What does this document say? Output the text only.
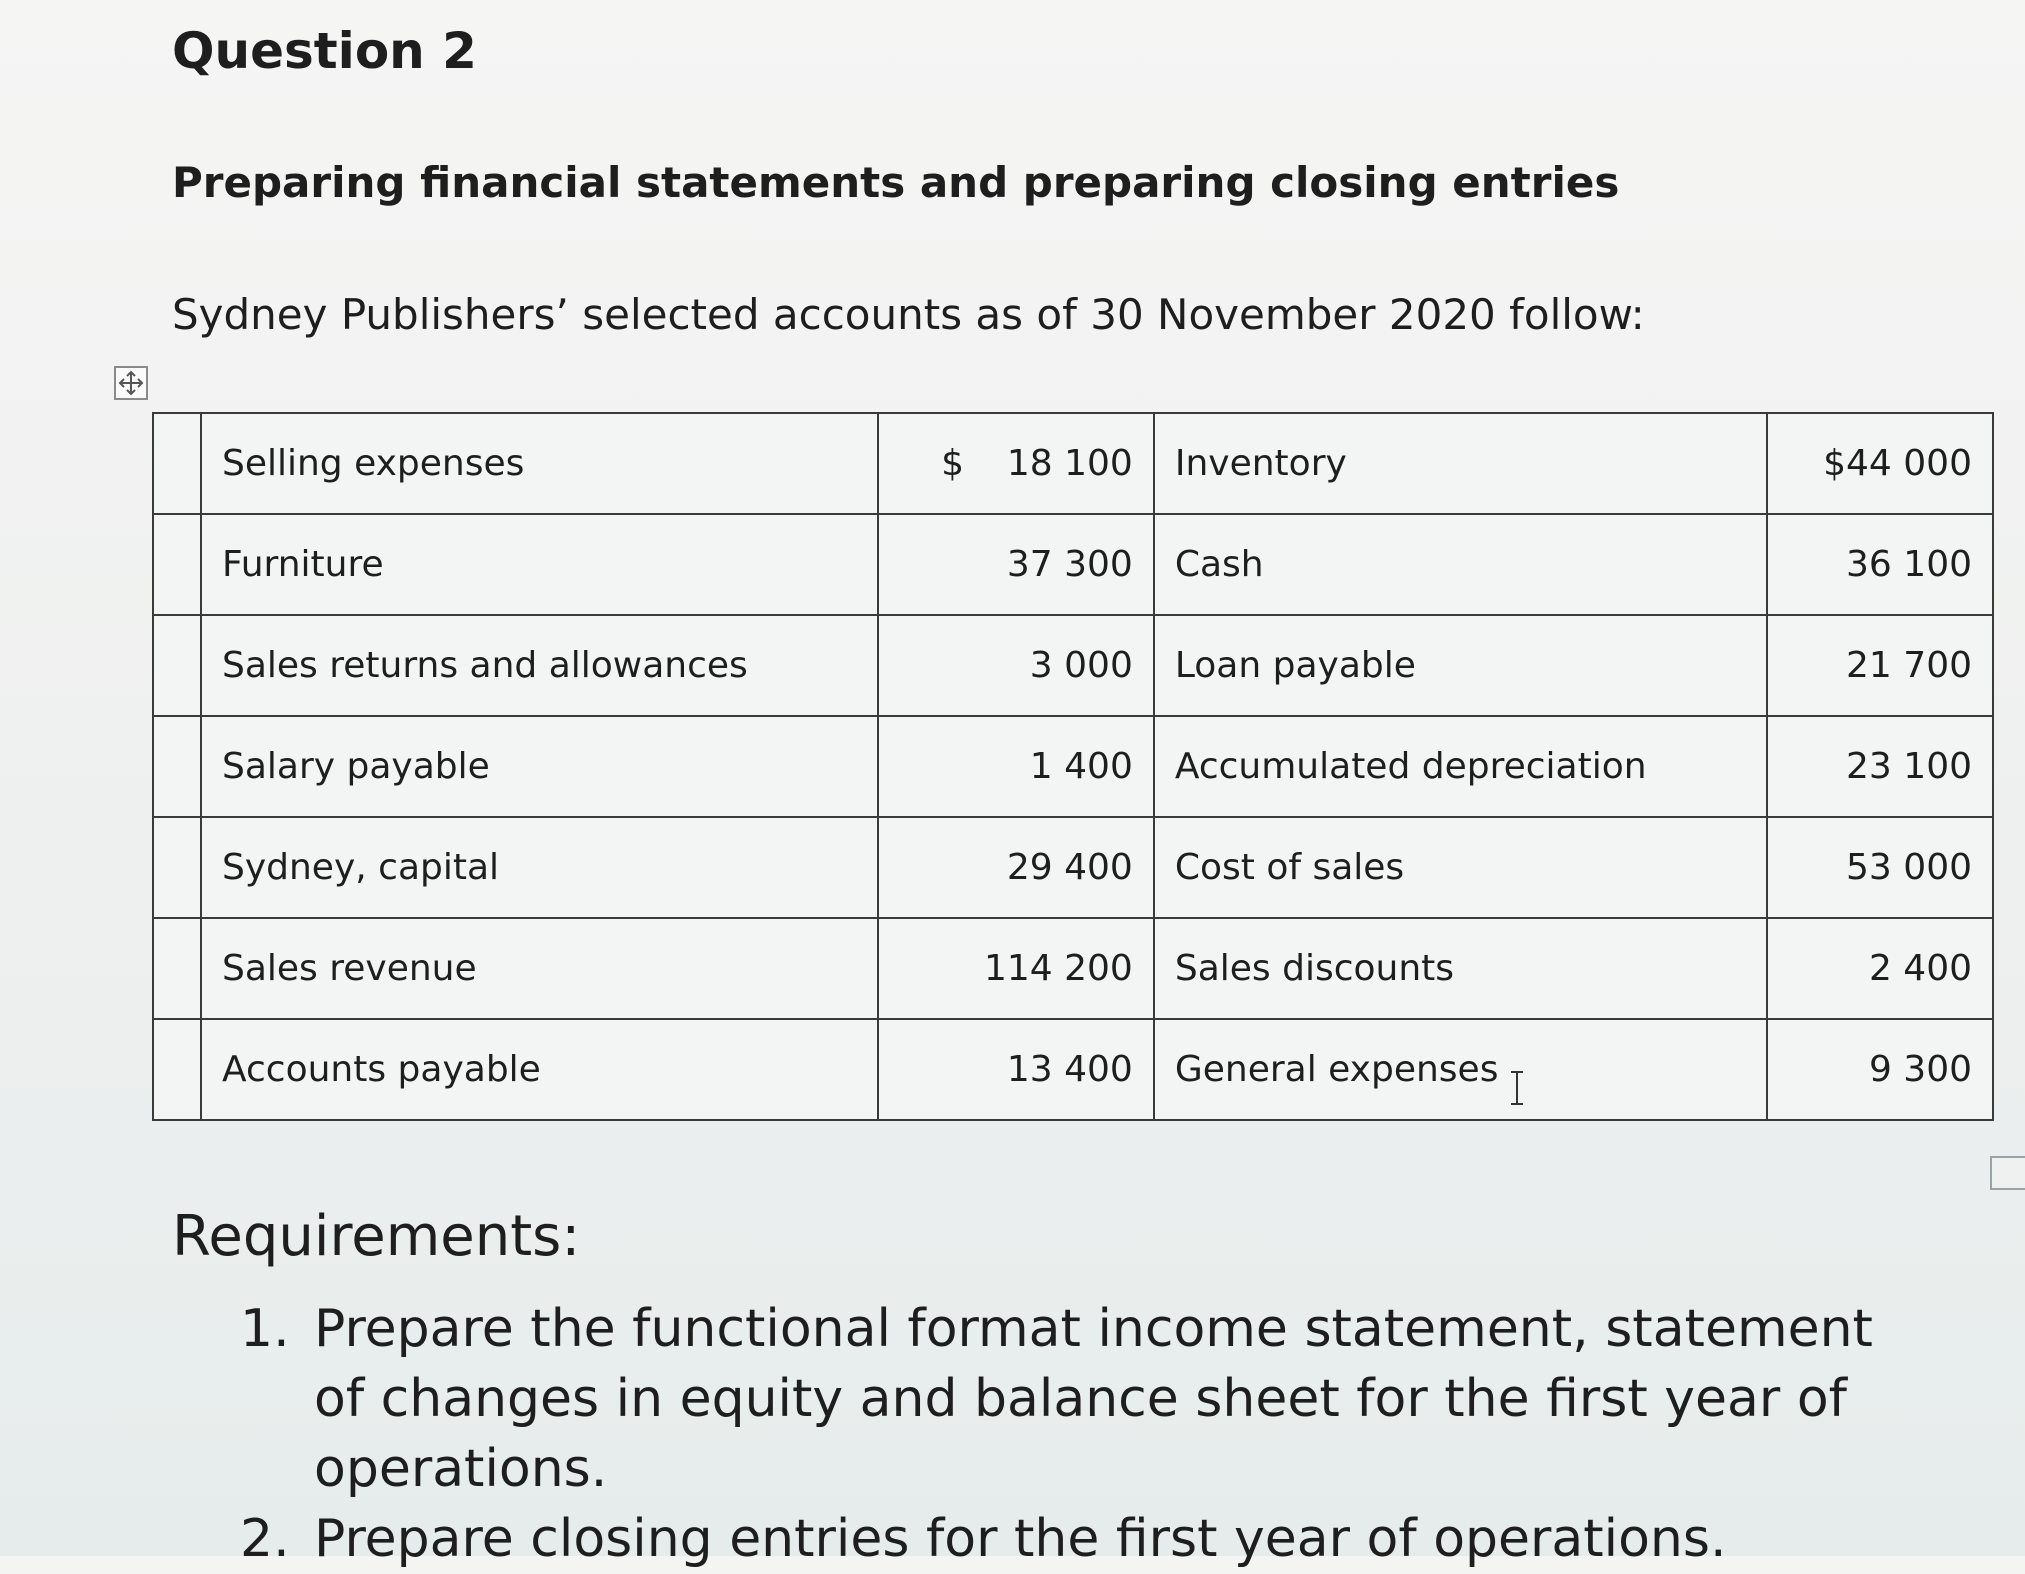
Question 2
Preparing financial statements and preparing closing entries

Sydney Publishers’ selected accounts as of 30 November 2020 follow:

	Selling expenses	$ 18 100	Inventory	$44 000
	Furniture	37 300	Cash	36 100
	Sales returns and allowances	3 000	Loan payable	21 700
	Salary payable	1 400	Accumulated depreciation	23 100
	Sydney, capital	29 400	Cost of sales	53 000
	Sales revenue	114 200	Sales discounts	2 400
	Accounts payable	13 400	General expenses	9 300
Requirements:
1. Prepare the functional format income statement, statement of changes in equity and balance sheet for the first year of operations.
2. Prepare closing entries for the first year of operations.
